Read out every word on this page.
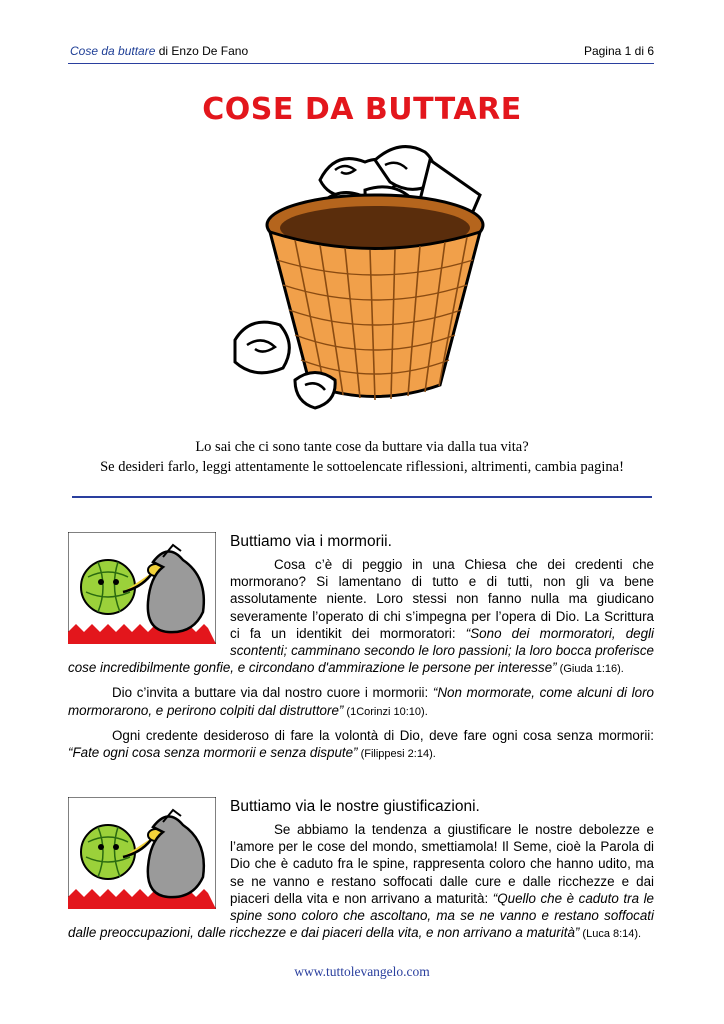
Cose da buttare di Enzo De Fano	Pagina 1 di 6
COSE DA BUTTARE
Lo sai che ci sono tante cose da buttare via dalla tua vita?
Se desideri farlo, leggi attentamente le sottoelencate riflessioni, altrimenti, cambia pagina!

Buttiamo via i mormorii.

Cosa c’è di peggio in una Chiesa che dei credenti che mormorano? Si lamentano di tutto e di tutti, non gli va bene assolutamente niente. Loro stessi non fanno nulla ma giudicano severamente l’operato di chi s’impegna per l’opera di Dio. La Scrittura ci fa un identikit dei mormoratori: “Sono dei mormoratori, degli scontenti; camminano secondo le loro passioni; la loro bocca proferisce cose incredibilmente gonfie, e circondano d'ammirazione le persone per interesse” (Giuda 1:16).

Dio c’invita a buttare via dal nostro cuore i mormorii: “Non mormorate, come alcuni di loro mormorarono, e perirono colpiti dal distruttore” (1Corinzi 10:10).

Ogni credente desideroso di fare la volontà di Dio, deve fare ogni cosa senza mormorii: “Fate ogni cosa senza mormorii e senza dispute” (Filippesi 2:14).

Buttiamo via le nostre giustificazioni.

Se abbiamo la tendenza a giustificare le nostre debolezze e l’amore per le cose del mondo, smettiamola! Il Seme, cioè la Parola di Dio che è caduto fra le spine, rappresenta coloro che hanno udito, ma se ne vanno e restano soffocati dalle cure e dalle ricchezze e dai piaceri della vita e non arrivano a maturità: “Quello che è caduto tra le spine sono coloro che ascoltano, ma se ne vanno e restano soffocati dalle preoccupazioni, dalle ricchezze e dai piaceri della vita, e non arrivano a maturità” (Luca 8:14).

www.tuttolevangelo.com
